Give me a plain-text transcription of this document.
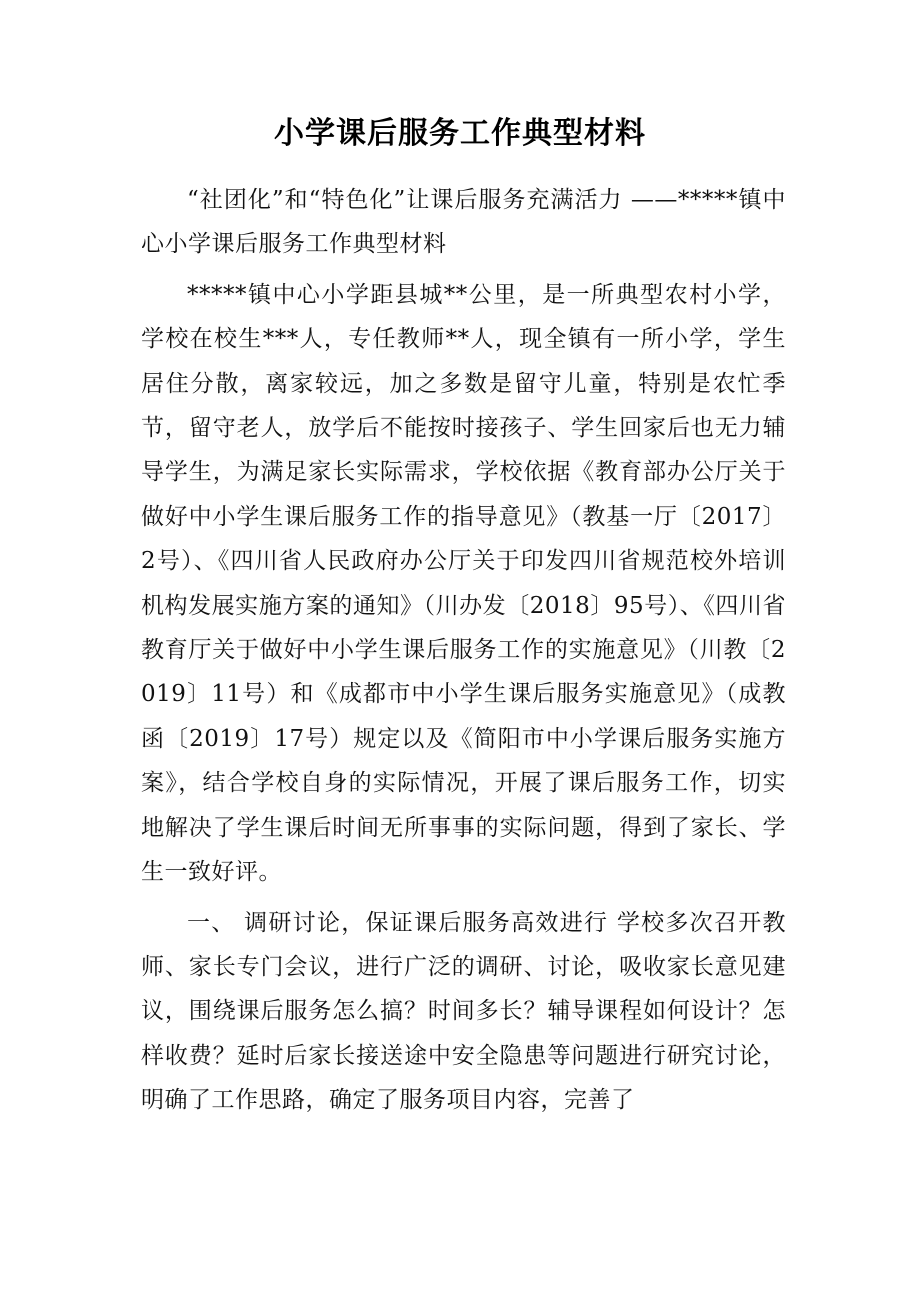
小学课后服务工作典型材料

“社团化”和“特色化”让课后服务充满活力 ——*****镇中心小学课后服务工作典型材料

*****镇中心小学距县城**公里，是一所典型农村小学，学校在校生***人，专任教师**人，现全镇有一所小学，学生居住分散，离家较远，加之多数是留守儿童，特别是农忙季节，留守老人，放学后不能按时接孩子、学生回家后也无力辅导学生，为满足家长实际需求，学校依据《教育部办公厅关于做好中小学生课后服务工作的指导意见》（教基一厅〔2017〕2号）、《四川省人民政府办公厅关于印发四川省规范校外培训机构发展实施方案的通知》（川办发〔2018〕95号）、《四川省教育厅关于做好中小学生课后服务工作的实施意见》（川教〔2019〕11号）和《成都市中小学生课后服务实施意见》（成教函〔2019〕17号）规定以及《简阳市中小学课后服务实施方案》，结合学校自身的实际情况，开展了课后服务工作，切实地解决了学生课后时间无所事事的实际问题，得到了家长、学生一致好评。

一、 调研讨论，保证课后服务高效进行 学校多次召开教师、家长专门会议，进行广泛的调研、讨论，吸收家长意见建议，围绕课后服务怎么搞？时间多长？辅导课程如何设计？怎样收费？延时后家长接送途中安全隐患等问题进行研究讨论，明确了工作思路，确定了服务项目内容，完善了
